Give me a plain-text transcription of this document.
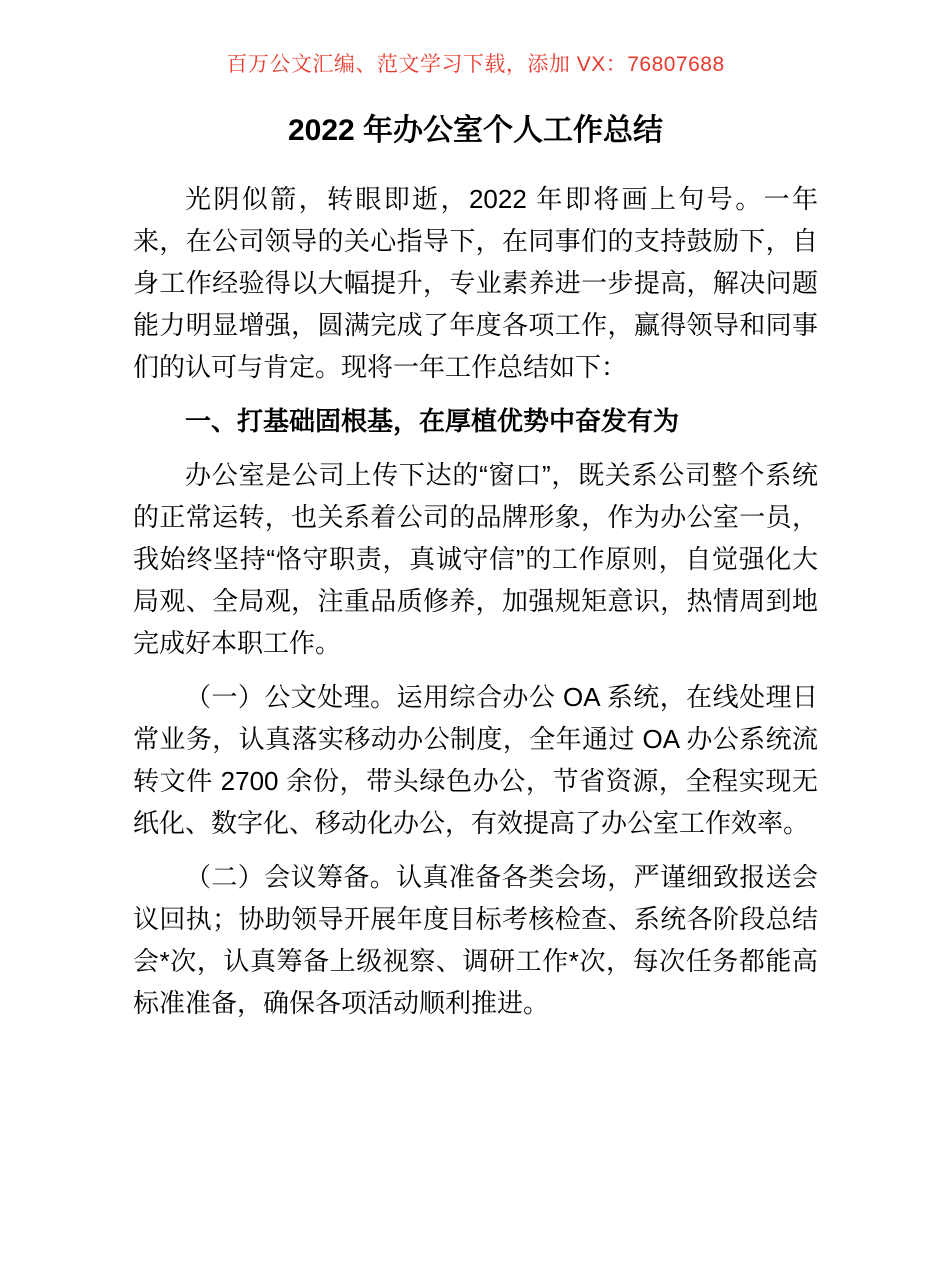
百万公文汇编、范文学习下载，添加 VX：76807688
2022 年办公室个人工作总结

光阴似箭，转眼即逝，2022 年即将画上句号。一年来，在公司领导的关心指导下，在同事们的支持鼓励下，自身工作经验得以大幅提升，专业素养进一步提高，解决问题能力明显增强，圆满完成了年度各项工作，赢得领导和同事们的认可与肯定。现将一年工作总结如下：

一、打基础固根基，在厚植优势中奋发有为

办公室是公司上传下达的“窗口”，既关系公司整个系统的正常运转，也关系着公司的品牌形象，作为办公室一员，我始终坚持“恪守职责，真诚守信”的工作原则，自觉强化大局观、全局观，注重品质修养，加强规矩意识，热情周到地完成好本职工作。

（一）公文处理。运用综合办公 OA 系统，在线处理日常业务，认真落实移动办公制度，全年通过 OA 办公系统流转文件 2700 余份，带头绿色办公，节省资源，全程实现无纸化、数字化、移动化办公，有效提高了办公室工作效率。

（二）会议筹备。认真准备各类会场，严谨细致报送会议回执；协助领导开展年度目标考核检查、系统各阶段总结会*次，认真筹备上级视察、调研工作*次，每次任务都能高标准准备，确保各项活动顺利推进。
